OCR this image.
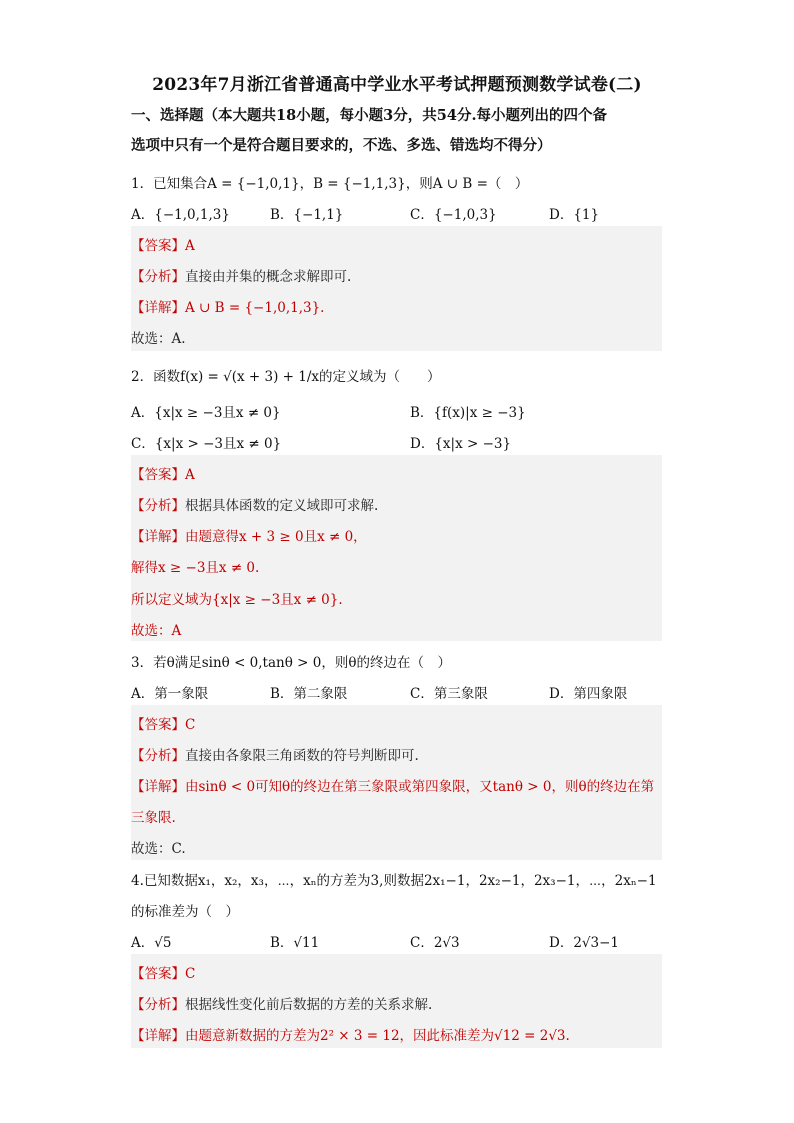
2023年7月浙江省普通高中学业水平考试押题预测数学试卷(二)
一、选择题（本大题共18小题，每小题3分，共54分.每小题列出的四个备
选项中只有一个是符合题目要求的，不选、多选、错选均不得分）
1．已知集合A = {−1,0,1}，B = {−1,1,3}，则A ∪ B =（　）
A．{−1,0,1,3}	B．{−1,1}	C．{−1,0,3}	D．{1}
【答案】A
【分析】直接由并集的概念求解即可.
【详解】A ∪ B = {−1,0,1,3}.
故选：A.
2．函数f(x) = √(x + 3) + 1/x的定义域为（　　）
A．{x|x ≥ −3且x ≠ 0}	B．{f(x)|x ≥ −3}
C．{x|x > −3且x ≠ 0}	D．{x|x > −3}
【答案】A
【分析】根据具体函数的定义域即可求解.
【详解】由题意得x + 3 ≥ 0且x ≠ 0，
解得x ≥ −3且x ≠ 0.
所以定义域为{x|x ≥ −3且x ≠ 0}.
故选：A
3．若θ满足sinθ < 0,tanθ > 0，则θ的终边在（　）
A．第一象限	B．第二象限	C．第三象限	D．第四象限
【答案】C
【分析】直接由各象限三角函数的符号判断即可.
【详解】由sinθ < 0可知θ的终边在第三象限或第四象限，又tanθ > 0，则θ的终边在第
三象限.
故选：C.
4.已知数据x₁，x₂，x₃，⋯，xₙ的方差为3,则数据2x₁−1，2x₂−1，2x₃−1，⋯，2xₙ−1
的标准差为（　）
A．√5	B．√11	C．2√3	D．2√3−1
【答案】C
【分析】根据线性变化前后数据的方差的关系求解.
【详解】由题意新数据的方差为2² × 3 = 12，因此标准差为√12 = 2√3.
